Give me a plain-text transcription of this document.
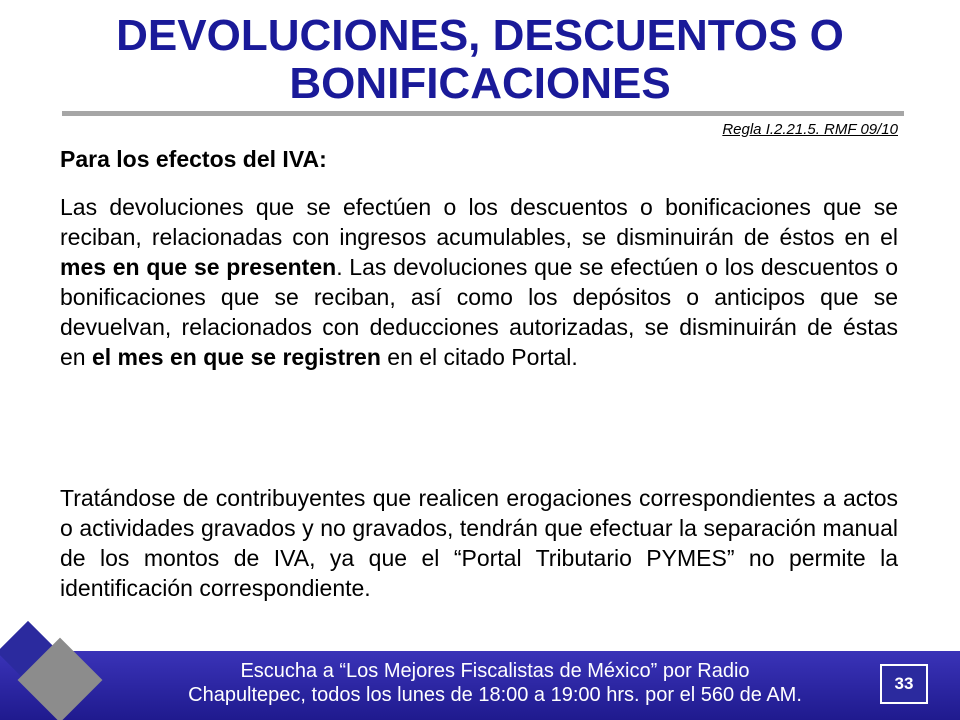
DEVOLUCIONES, DESCUENTOS O BONIFICACIONES
Regla I.2.21.5. RMF 09/10
Para los efectos del IVA:

Las devoluciones que se efectúen o los descuentos o bonificaciones que se reciban, relacionadas con ingresos acumulables, se disminuirán de éstos en el mes en que se presenten. Las devoluciones que se efectúen o los descuentos o bonificaciones que se reciban, así como los depósitos o anticipos que se devuelvan, relacionados con deducciones autorizadas, se disminuirán de éstas en el mes en que se registren en el citado Portal.

Tratándose de contribuyentes que realicen erogaciones correspondientes a actos o actividades gravados y no gravados, tendrán que efectuar la separación manual de los montos de IVA, ya que el “Portal Tributario PYMES” no permite la identificación correspondiente.

Escucha a “Los Mejores Fiscalistas de México” por Radio
Chapultepec, todos los lunes de 18:00 a 19:00 hrs. por el 560 de AM.
33
